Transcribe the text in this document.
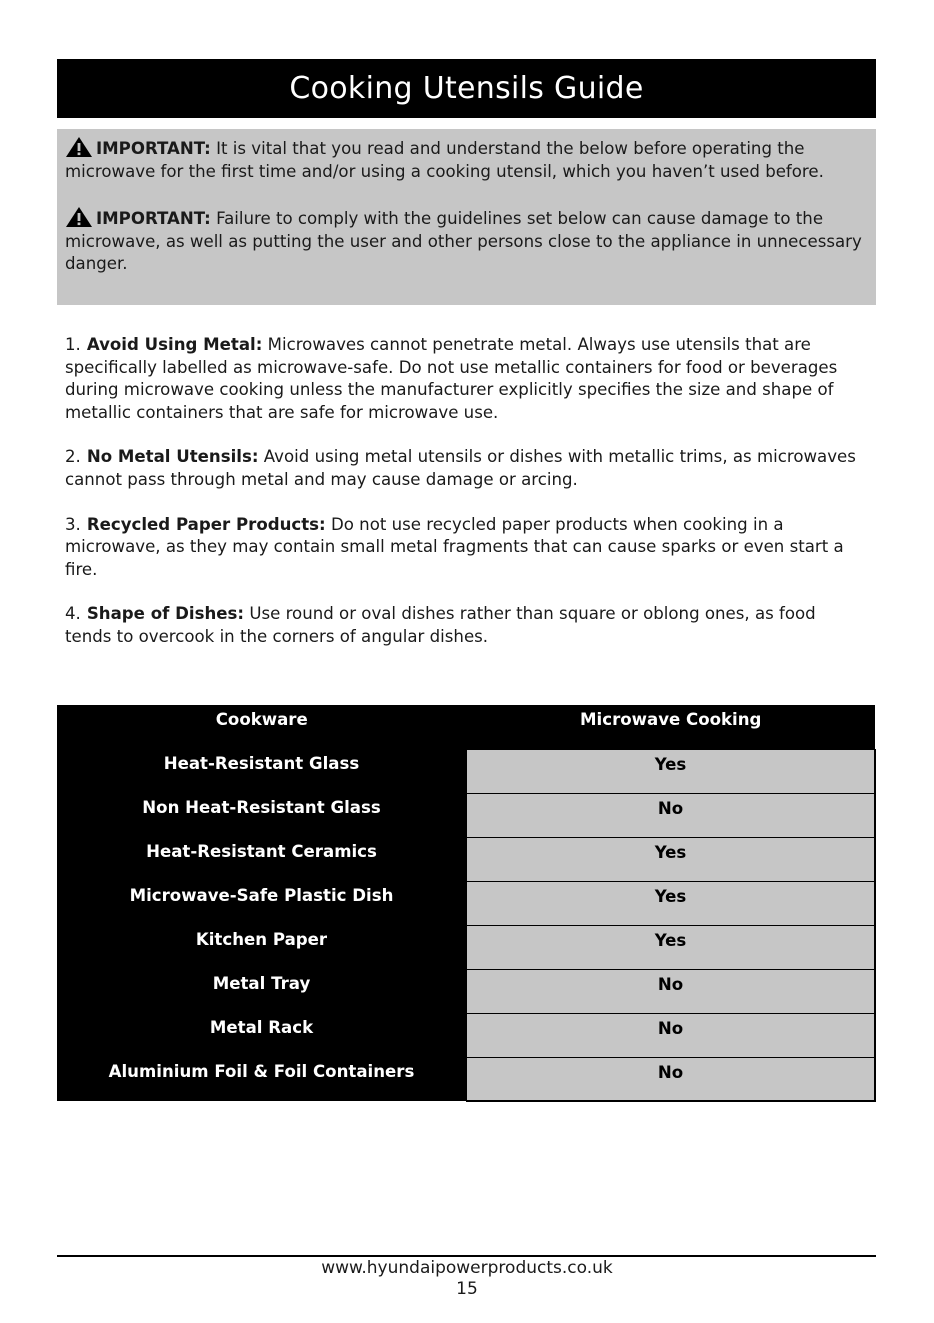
Cooking Utensils Guide

IMPORTANT: It is vital that you read and understand the below before operating the microwave for the first time and/or using a cooking utensil, which you haven’t used before.

IMPORTANT: Failure to comply with the guidelines set below can cause damage to the microwave, as well as putting the user and other persons close to the appliance in unnecessary danger.

1. Avoid Using Metal: Microwaves cannot penetrate metal. Always use utensils that are specifically labelled as microwave-safe. Do not use metallic containers for food or beverages during microwave cooking unless the manufacturer explicitly specifies the size and shape of metallic containers that are safe for microwave use.

2. No Metal Utensils: Avoid using metal utensils or dishes with metallic trims, as microwaves cannot pass through metal and may cause damage or arcing.

3. Recycled Paper Products: Do not use recycled paper products when cooking in a microwave, as they may contain small metal fragments that can cause sparks or even start a fire.

4. Shape of Dishes: Use round or oval dishes rather than square or oblong ones, as food tends to overcook in the corners of angular dishes.

Cookware	Microwave Cooking
Heat-Resistant Glass	Yes
Non Heat-Resistant Glass	No
Heat-Resistant Ceramics	Yes
Microwave-Safe Plastic Dish	Yes
Kitchen Paper	Yes
Metal Tray	No
Metal Rack	No
Aluminium Foil & Foil Containers	No
www.hyundaipowerproducts.co.uk
15
